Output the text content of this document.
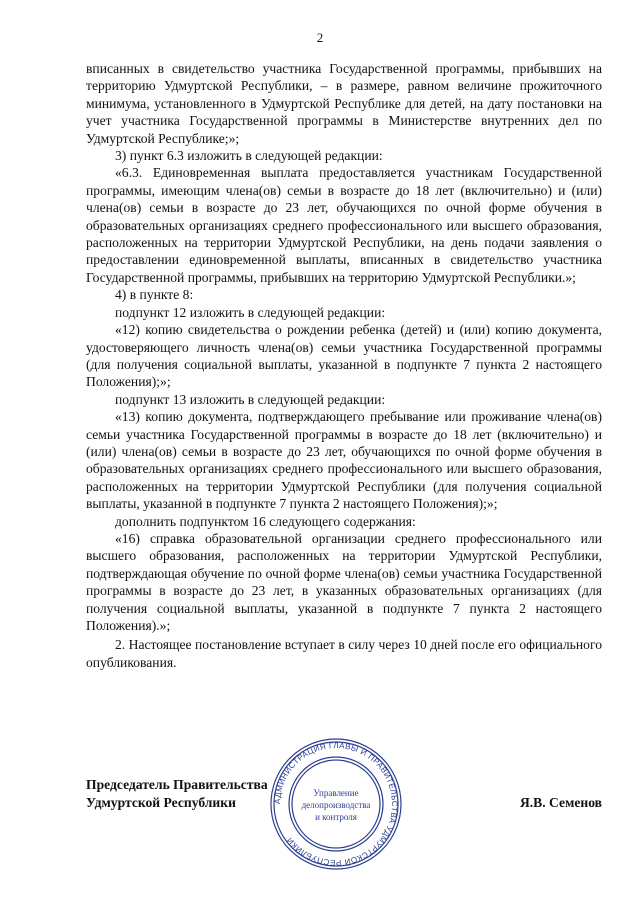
2

вписанных в свидетельство участника Государственной программы, прибывших на территорию Удмуртской Республики, – в размере, равном величине прожиточного минимума, установленного в Удмуртской Республике для детей, на дату постановки на учет участника Государственной программы в Министерстве внутренних дел по Удмуртской Республике;»;

3) пункт 6.3 изложить в следующей редакции:

«6.3. Единовременная выплата предоставляется участникам Государственной программы, имеющим члена(ов) семьи в возрасте до 18 лет (включительно) и (или) члена(ов) семьи в возрасте до 23 лет, обучающихся по очной форме обучения в образовательных организациях среднего профессионального или высшего образования, расположенных на территории Удмуртской Республики, на день подачи заявления о предоставлении единовременной выплаты, вписанных в свидетельство участника Государственной программы, прибывших на территорию Удмуртской Республики.»;

4) в пункте 8:

подпункт 12 изложить в следующей редакции:

«12) копию свидетельства о рождении ребенка (детей) и (или) копию документа, удостоверяющего личность члена(ов) семьи участника Государственной программы (для получения социальной выплаты, указанной в подпункте 7 пункта 2 настоящего Положения);»;

подпункт 13 изложить в следующей редакции:

«13) копию документа, подтверждающего пребывание или проживание члена(ов) семьи участника Государственной программы в возрасте до 18 лет (включительно) и (или) члена(ов) семьи в возрасте до 23 лет, обучающихся по очной форме обучения в образовательных организациях среднего профессионального или высшего образования, расположенных на территории Удмуртской Республики (для получения социальной выплаты, указанной в подпункте 7 пункта 2 настоящего Положения);»;

дополнить подпунктом 16 следующего содержания:

«16) справка образовательной организации среднего профессионального или высшего образования, расположенных на территории Удмуртской Республики, подтверждающая обучение по очной форме члена(ов) семьи участника Государственной программы в возрасте до 23 лет, в указанных образовательных организациях (для получения социальной выплаты, указанной в подпункте 7 пункта 2 настоящего Положения).»;

2. Настоящее постановление вступает в силу через 10 дней после его официального опубликования.

Председатель Правительства
Удмуртской Республики	Я.В. Семенов
АДМИНИСТРАЦИЯ ГЛАВЫ И ПРАВИТЕЛЬСТВА УДМУРТСКОЙ РЕСПУБЛИКИ
Управление
делопроизводства
и контроля
